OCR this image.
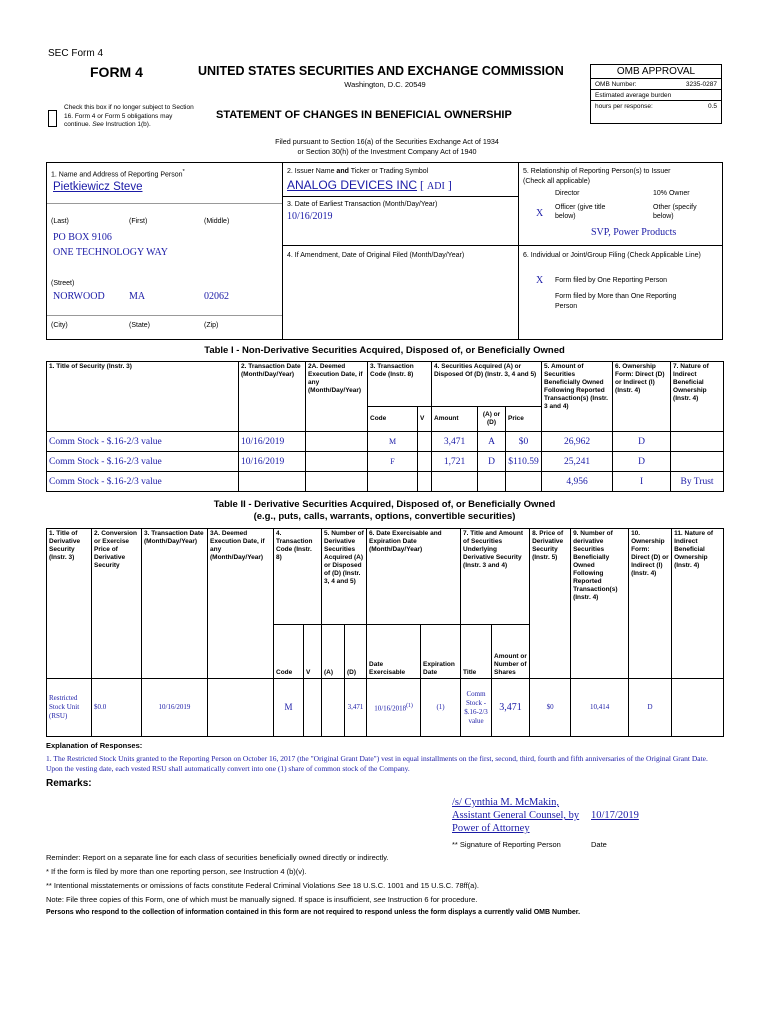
SEC Form 4
FORM 4	UNITED STATES SECURITIES AND EXCHANGE COMMISSION
Washington, D.C. 20549
Check this box if no longer subject to Section 16. Form 4 or Form 5 obligations may continue. See Instruction 1(b).
STATEMENT OF CHANGES IN BENEFICIAL OWNERSHIP
Filed pursuant to Section 16(a) of the Securities Exchange Act of 1934
or Section 30(h) of the Investment Company Act of 1940
OMB APPROVAL
OMB Number:	3235-0287
Estimated average burden
hours per response:	0.5
1. Name and Address of Reporting Person*
Pietkiewicz Steve
(Last)	(First)	(Middle)
PO BOX 9106
ONE TECHNOLOGY WAY
(Street)
NORWOOD MA	02062
(City)	(State)	(Zip)
2. Issuer Name and Ticker or Trading Symbol
ANALOG DEVICES INC [ ADI ]
3. Date of Earliest Transaction (Month/Day/Year)
10/16/2019
4. If Amendment, Date of Original Filed (Month/Day/Year)
5. Relationship of Reporting Person(s) to Issuer
(Check all applicable)
Director	10% Owner
X
Officer (give title
below)
Other (specify
below)
SVP, Power Products
6. Individual or Joint/Group Filing (Check Applicable Line)
X Form filed by One Reporting Person
Form filed by More than One Reporting
Person
Table I - Non-Derivative Securities Acquired, Disposed of, or Beneficially Owned
1. Title of Security (Instr. 3)	2. Transaction Date (Month/Day/Year)	2A. Deemed Execution Date, if any (Month/Day/Year)	3. Transaction Code (Instr. 8)		4. Securities Acquired (A) or Disposed Of (D) (Instr. 3, 4 and 5)			5. Amount of Securities Beneficially Owned Following Reported Transaction(s) (Instr. 3 and 4)	6. Ownership Form: Direct (D) or Indirect (I) (Instr. 4)	7. Nature of Indirect Beneficial Ownership (Instr. 4)
			Code	V	Amount	(A) or (D)	Price			
Comm Stock - $.16-2/3 value	10/16/2019		M		3,471	A	$0	26,962	D	
Comm Stock - $.16-2/3 value	10/16/2019		F		1,721	D	$110.59	25,241	D	
Comm Stock - $.16-2/3 value								4,956	I	By Trust
Table II - Derivative Securities Acquired, Disposed of, or Beneficially Owned
(e.g., puts, calls, warrants, options, convertible securities)
1. Title of Derivative Security (Instr. 3)	2. Conversion or Exercise Price of Derivative Security	3. Transaction Date (Month/Day/Year)	3A. Deemed Execution Date, if any (Month/Day/Year)	4. Transaction Code (Instr. 8)		5. Number of Derivative Securities Acquired (A) or Disposed of (D) (Instr. 3, 4 and 5)		6. Date Exercisable and Expiration Date (Month/Day/Year)		7. Title and Amount of Securities Underlying Derivative Security (Instr. 3 and 4)		8. Price of Derivative Security (Instr. 5)	9. Number of derivative Securities Beneficially Owned Following Reported Transaction(s) (Instr. 4)	10. Ownership Form: Direct (D) or Indirect (I) (Instr. 4)	11. Nature of Indirect Beneficial Ownership (Instr. 4)
				Code	V	(A)	(D)	Date Exercisable	Expiration Date	Title	Amount or Number of Shares				
Restricted Stock Unit (RSU)	$0.0	10/16/2019		M			3,471	10/16/2018$^{(1)}$	(1)	Comm Stock - $.16-2/3 value	3,471	$0	10,414	D	
Explanation of Responses:
1. The Restricted Stock Units granted to the Reporting Person on October 16, 2017 (the "Original Grant Date") vest in equal installments on the first, second, third, fourth and fifth anniversaries of the Original Grant Date. Upon the vesting date, each vested RSU shall automatically convert into one (1) share of common stock of the Company.
Remarks:
/s/ Cynthia M. McMakin,
Assistant General Counsel, by
Power of Attorney
10/17/2019
** Signature of Reporting Person	Date
Reminder: Report on a separate line for each class of securities beneficially owned directly or indirectly.
* If the form is filed by more than one reporting person, see Instruction 4 (b)(v).
** Intentional misstatements or omissions of facts constitute Federal Criminal Violations See 18 U.S.C. 1001 and 15 U.S.C. 78ff(a).
Note: File three copies of this Form, one of which must be manually signed. If space is insufficient, see Instruction 6 for procedure.
Persons who respond to the collection of information contained in this form are not required to respond unless the form displays a currently valid OMB Number.
